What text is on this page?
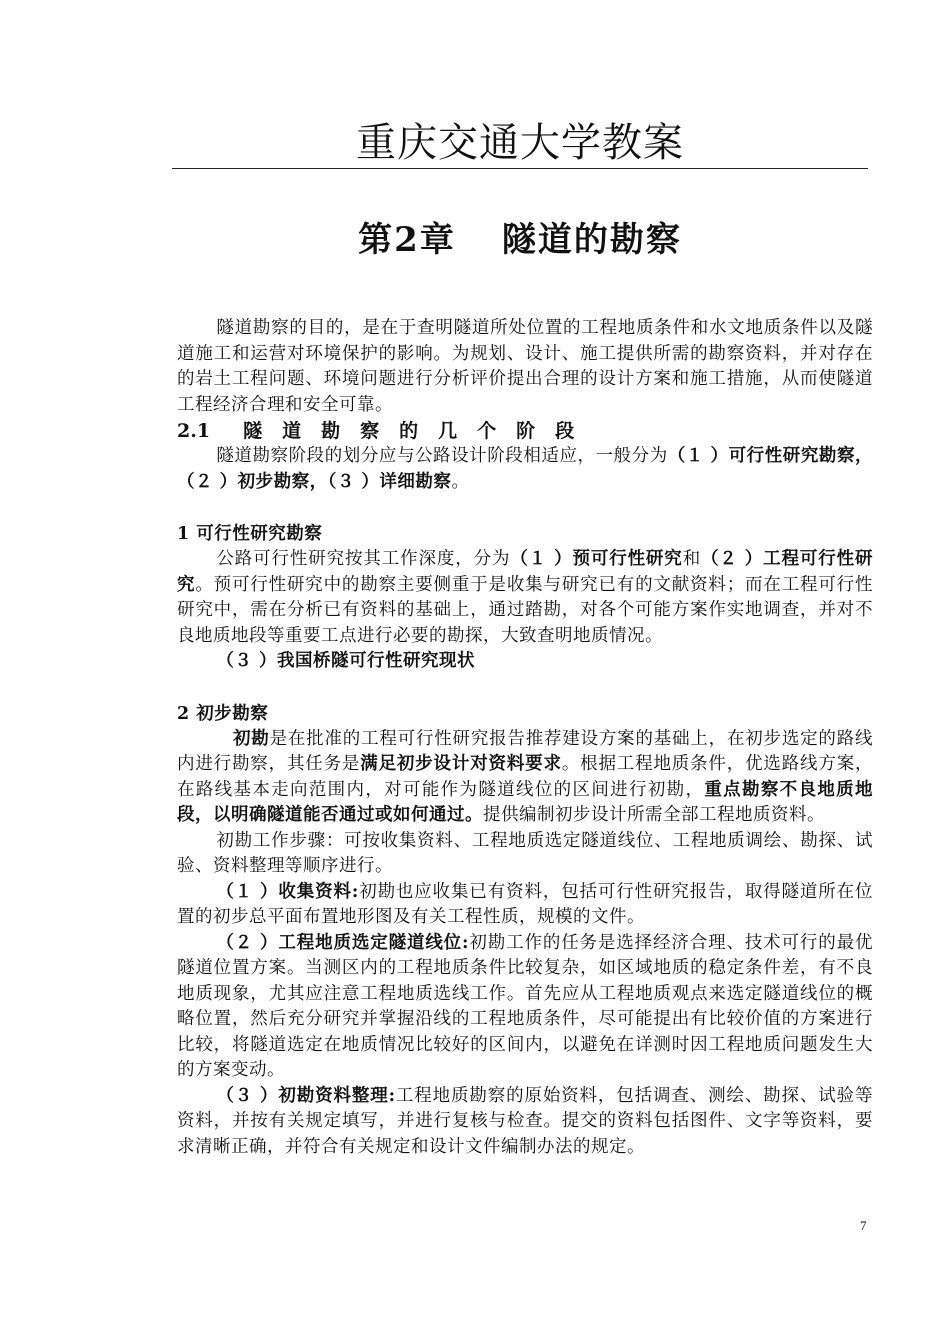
重庆交通大学教案
第2章 隧道的勘察

隧道勘察的目的，是在于查明隧道所处位置的工程地质条件和水文地质条件以及隧道施工和运营对环境保护的影响。为规划、设计、施工提供所需的勘察资料，并对存在的岩土工程问题、环境问题进行分析评价提出合理的设计方案和施工措施，从而使隧道工程经济合理和安全可靠。

2.1 隧道勘察的几个阶段

隧道勘察阶段的划分应与公路设计阶段相适应，一般分为（１ ）可行性研究勘察，（２ ）初步勘察，（３ ）详细勘察。

1 可行性研究勘察

公路可行性研究按其工作深度，分为（１ ）预可行性研究和（２ ）工程可行性研究。预可行性研究中的勘察主要侧重于是收集与研究已有的文献资料；而在工程可行性研究中，需在分析已有资料的基础上，通过踏勘，对各个可能方案作实地调查，并对不良地质地段等重要工点进行必要的勘探，大致查明地质情况。

（３ ）我国桥隧可行性研究现状

2 初步勘察

初勘是在批准的工程可行性研究报告推荐建设方案的基础上，在初步选定的路线内进行勘察，其任务是满足初步设计对资料要求。根据工程地质条件，优选路线方案，在路线基本走向范围内，对可能作为隧道线位的区间进行初勘，重点勘察不良地质地段，以明确隧道能否通过或如何通过。提供编制初步设计所需全部工程地质资料。

初勘工作步骤：可按收集资料、工程地质选定隧道线位、工程地质调绘、勘探、试验、资料整理等顺序进行。

（１ ）收集资料:初勘也应收集已有资料，包括可行性研究报告，取得隧道所在位置的初步总平面布置地形图及有关工程性质，规模的文件。

（２ ）工程地质选定隧道线位:初勘工作的任务是选择经济合理、技术可行的最优隧道位置方案。当测区内的工程地质条件比较复杂，如区域地质的稳定条件差，有不良地质现象，尤其应注意工程地质选线工作。首先应从工程地质观点来选定隧道线位的概略位置，然后充分研究并掌握沿线的工程地质条件，尽可能提出有比较价值的方案进行比较，将隧道选定在地质情况比较好的区间内，以避免在详测时因工程地质问题发生大的方案变动。

（３ ）初勘资料整理:工程地质勘察的原始资料，包括调查、测绘、勘探、试验等资料，并按有关规定填写，并进行复核与检查。提交的资料包括图件、文字等资料，要求清晰正确，并符合有关规定和设计文件编制办法的规定。

7
